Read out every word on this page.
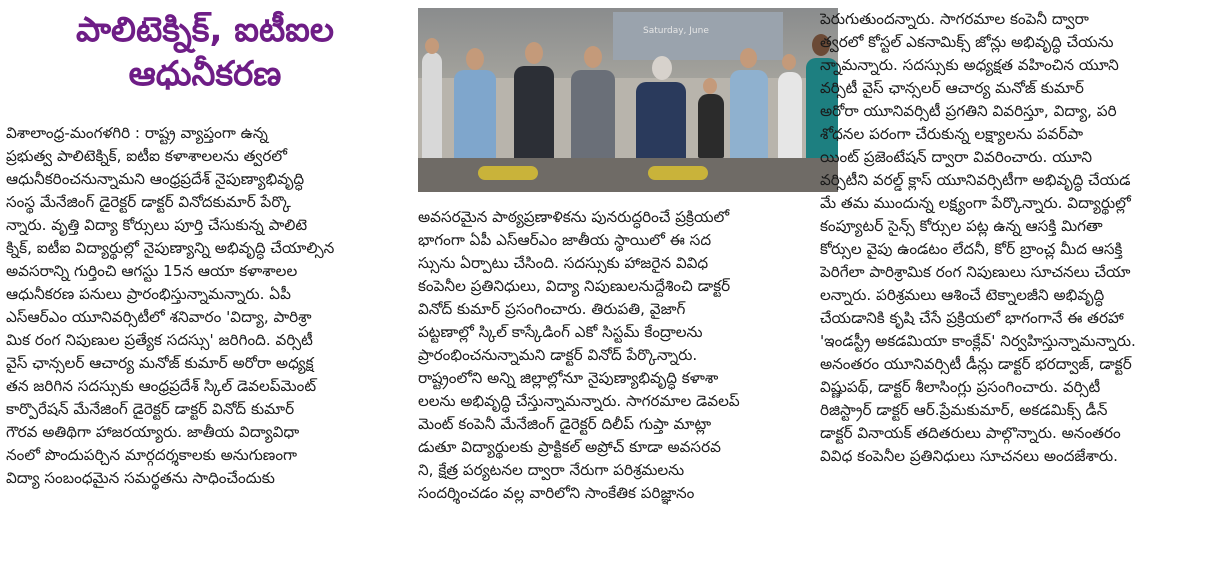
పాలిటెక్నిక్‌, ఐటీఐల
ఆధునీకరణ
Saturday, June
విశాలాంధ్ర-మంగళగిరి : రాష్ట్ర వ్యాప్తంగా ఉన్న
ప్రభుత్వ పాలిటెక్నిక్‌, ఐటీఐ కళాశాలలను త్వరలో
ఆధునీకరించనున్నామని ఆంధ్రప్రదేశ్‌ నైపుణ్యాభివృద్ధి
సంస్థ మేనేజింగ్‌ డైరెక్టర్‌ డాక్టర్‌ వినోదకుమార్‌ పేర్కొ
న్నారు. వృత్తి విద్యా కోర్సులు పూర్తి చేసుకున్న పాలిటె
క్నిక్‌, ఐటీఐ విద్యార్థుల్లో నైపుణ్యాన్ని అభివృద్ధి చేయాల్సిన
అవసరాన్ని గుర్తించి ఆగస్టు 15న ఆయా కళాశాలల
ఆధునీకరణ పనులు ప్రారంభిస్తున్నామన్నారు. ఏపీ
ఎస్‌ఆర్‌ఎం యూనివర్సిటీలో శనివారం 'విద్యా, పారిశ్రా
మిక రంగ నిపుణుల ప్రత్యేక సదస్సు' జరిగింది. వర్సిటీ
వైస్‌ ఛాన్సలర్‌ ఆచార్య మనోజ్‌ కుమార్‌ అరోరా అధ్యక్ష
తన జరిగిన సదస్సుకు ఆంధ్రప్రదేశ్‌ స్కిల్‌ డెవలప్‌మెంట్‌
కార్పొరేషన్‌ మేనేజింగ్‌ డైరెక్టర్‌ డాక్టర్‌ వినోద్‌ కుమార్‌
గౌరవ అతిథిగా హాజరయ్యారు. జాతీయ విద్యావిధా
నంలో పొందుపర్చిన మార్గదర్శకాలకు అనుగుణంగా
విద్యా సంబంధమైన సమర్థతను సాధించేందుకు
అవసరమైన పాఠ్యప్రణాళికను పునరుద్ధరించే ప్రక్రియలో
భాగంగా ఏపీ ఎస్‌ఆర్‌ఎం జాతీయ స్థాయిలో ఈ సద
స్సును ఏర్పాటు చేసింది. సదస్సుకు హాజరైన వివిధ
కంపెనీల ప్రతినిధులు, విద్యా నిపుణులనుద్దేశించి డాక్టర్‌
వినోద్‌ కుమార్‌ ప్రసంగించారు. తిరుపతి, వైజాగ్‌
పట్టణాల్లో స్కిల్‌ కాస్కేడింగ్‌ ఎకో సిస్టమ్‌ కేంద్రాలను
ప్రారంభించనున్నామని డాక్టర్‌ వినోద్‌ పేర్కొన్నారు.
రాష్ట్రంలోని అన్ని జిల్లాల్లోనూ నైపుణ్యాభివృద్ధి కళాశా
లలను అభివృద్ధి చేస్తున్నామన్నారు. సాగరమాల డెవలప్‌
మెంట్‌ కంపెనీ మేనేజింగ్‌ డైరెక్టర్‌ దిలీప్‌ గుప్తా మాట్లా
డుతూ విద్యార్థులకు ప్రాక్టికల్‌ అప్రోచ్‌ కూడా అవసరవ
ని, క్షేత్ర పర్యటనల ద్వారా నేరుగా పరిశ్రమలను
సందర్శించడం వల్ల వారిలోని సాంకేతిక పరిజ్ఞానం
పెరుగుతుందన్నారు. సాగరమాల కంపెనీ ద్వారా
త్వరలో కోస్టల్‌ ఎకనామిక్స్‌ జోన్లు అభివృద్ధి చేయను
న్నామన్నారు. సదస్సుకు అధ్యక్షత వహించిన యూని
వర్సిటీ వైస్‌ ఛాన్సలర్‌ ఆచార్య మనోజ్‌ కుమార్‌
అరోరా యూనివర్సిటీ ప్రగతిని వివరిస్తూ, విద్యా, పరి
శోధనల పరంగా చేరుకున్న లక్ష్యాలను పవర్‌పా
యింట్‌ ప్రజెంటేషన్‌ ద్వారా వివరించారు. యూని
వర్సిటీని వరల్డ్‌ క్లాస్‌ యూనివర్సిటీగా అభివృద్ధి చేయడ
మే తమ ముందున్న లక్ష్యంగా పేర్కొన్నారు. విద్యార్థుల్లో
కంప్యూటర్‌ సైన్స్‌ కోర్సుల పట్ల ఉన్న ఆసక్తి మిగతా
కోర్సుల వైపు ఉండటం లేదనీ, కోర్‌ బ్రాంచ్ల మీద ఆసక్తి
పెరిగేలా పారిశ్రామిక రంగ నిపుణులు సూచనలు చేయా
లన్నారు. పరిశ్రమలు ఆశించే టెక్నాలజీని అభివృద్ధి
చేయడానికి కృషి చేసే ప్రక్రియలో భాగంగానే ఈ తరహా
'ఇండస్ట్రీ అకడమియా కాంక్లేవ్‌' నిర్వహిస్తున్నామన్నారు.
అనంతరం యూనివర్సిటీ డీన్లు డాక్టర్‌ భరద్వాజ్‌, డాక్టర్‌
విష్ణుపథ్‌, డాక్టర్‌ శీలాసింగ్లు ప్రసంగించారు. వర్సిటీ
రిజిస్ట్రార్‌ డాక్టర్‌ ఆర్‌.ప్రేమకుమార్‌, అకడమిక్స్‌ డీన్‌
డాక్టర్‌ వినాయక్‌ తదితరులు పాల్గొన్నారు. అనంతరం
వివిధ కంపెనీల ప్రతినిధులు సూచనలు అందజేశారు.
